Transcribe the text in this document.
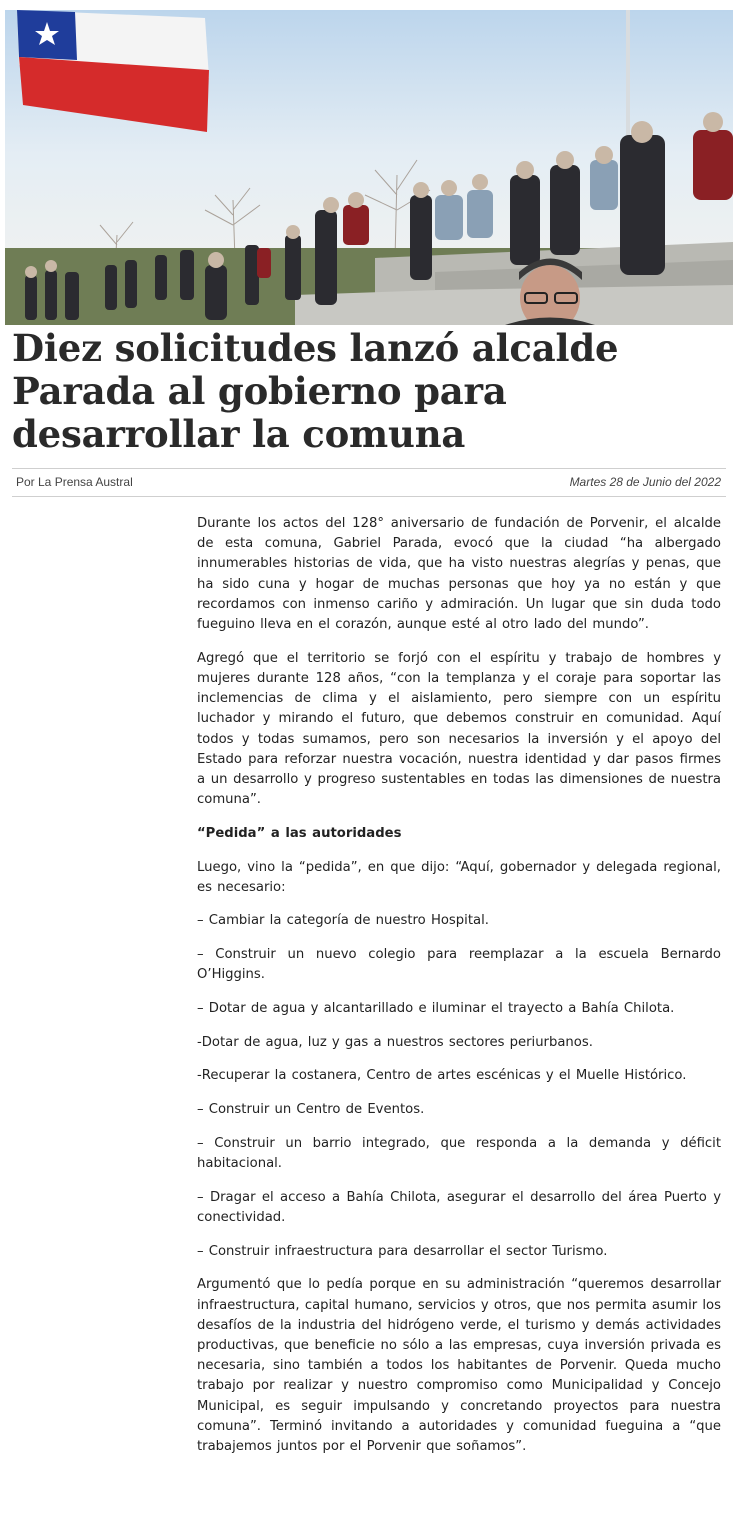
Diez solicitudes lanzó alcalde Parada al gobierno para desarrollar la comuna
Por La Prensa Austral	Martes 28 de Junio del 2022

Durante los actos del 128° aniversario de fundación de Porvenir, el alcalde de esta comuna, Gabriel Parada, evocó que la ciudad “ha albergado innumerables historias de vida, que ha visto nuestras alegrías y penas, que ha sido cuna y hogar de muchas personas que hoy ya no están y que recordamos con inmenso cariño y admiración. Un lugar que sin duda todo fueguino lleva en el corazón, aunque esté al otro lado del mundo”.

Agregó que el territorio se forjó con el espíritu y trabajo de hombres y mujeres durante 128 años, “con la templanza y el coraje para soportar las inclemencias de clima y el aislamiento, pero siempre con un espíritu luchador y mirando el futuro, que debemos construir en comunidad. Aquí todos y todas sumamos, pero son necesarios la inversión y el apoyo del Estado para reforzar nuestra vocación, nuestra identidad y dar pasos firmes a un desarrollo y progreso sustentables en todas las dimensiones de nuestra comuna”.

“Pedida” a las autoridades

Luego, vino la “pedida”, en que dijo: “Aquí, gobernador y delegada regional, es necesario:

– Cambiar la categoría de nuestro Hospital.

– Construir un nuevo colegio para reemplazar a la escuela Bernardo O’Higgins.

– Dotar de agua y alcantarillado e iluminar el trayecto a Bahía Chilota.

-Dotar de agua, luz y gas a nuestros sectores periurbanos.

-Recuperar la costanera, Centro de artes escénicas y el Muelle Histórico.

– Construir un Centro de Eventos.

– Construir un barrio integrado, que responda a la demanda y déficit habitacional.

– Dragar el acceso a Bahía Chilota, asegurar el desarrollo del área Puerto y conectividad.

– Construir infraestructura para desarrollar el sector Turismo.

Argumentó que lo pedía porque en su administración “queremos desarrollar infraestructura, capital humano, servicios y otros, que nos permita asumir los desafíos de la industria del hidrógeno verde, el turismo y demás actividades productivas, que beneficie no sólo a las empresas, cuya inversión privada es necesaria, sino también a todos los habitantes de Porvenir. Queda mucho trabajo por realizar y nuestro compromiso como Municipalidad y Concejo Municipal, es seguir impulsando y concretando proyectos para nuestra comuna”. Terminó invitando a autoridades y comunidad fueguina a “que trabajemos juntos por el Porvenir que soñamos”.
